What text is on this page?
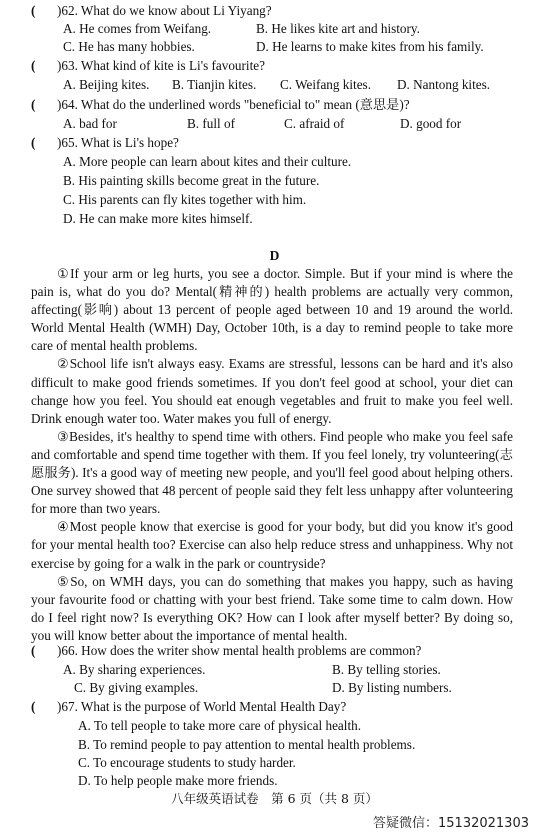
( )62. What do we know about Li Yiyang?
A. He comes from Weifang.	B. He likes kite art and history.
C. He has many hobbies.	D. He learns to make kites from his family.
( )63. What kind of kite is Li's favourite?
A. Beijing kites. B. Tianjin kites. C. Weifang kites. D. Nantong kites.
( )64. What do the underlined words "beneficial to" mean (意思是)?
A. bad for	B. full of	C. afraid of	D. good for
( )65. What is Li's hope?
A. More people can learn about kites and their culture.
B. His painting skills become great in the future.
C. His parents can fly kites together with him.
D. He can make more kites himself.
D

①If your arm or leg hurts, you see a doctor. Simple. But if your mind is where the pain is, what do you do? Mental(精神的) health problems are actually very common, affecting(影响) about 13 percent of people aged between 10 and 19 around the world. World Mental Health (WMH) Day, October 10th, is a day to remind people to take more care of mental health problems.

②School life isn't always easy. Exams are stressful, lessons can be hard and it's also difficult to make good friends sometimes. If you don't feel good at school, your diet can change how you feel. You should eat enough vegetables and fruit to make you feel well. Drink enough water too. Water makes you full of energy.

③Besides, it's healthy to spend time with others. Find people who make you feel safe and comfortable and spend time together with them. If you feel lonely, try volunteering(志愿服务). It's a good way of meeting new people, and you'll feel good about helping others. One survey showed that 48 percent of people said they felt less unhappy after volunteering for more than two years.

④Most people know that exercise is good for your body, but did you know it's good for your mental health too? Exercise can also help reduce stress and unhappiness. Why not exercise by going for a walk in the park or countryside?

⑤So, on WMH days, you can do something that makes you happy, such as having your favourite food or chatting with your best friend. Take some time to calm down. How do I feel right now? Is everything OK? How can I look after myself better? By doing so, you will know better about the importance of mental health.

( )66. How does the writer show mental health problems are common?
A. By sharing experiences.	B. By telling stories.
C. By giving examples.	D. By listing numbers.
( )67. What is the purpose of World Mental Health Day?
A. To tell people to take more care of physical health.
B. To remind people to pay attention to mental health problems.
C. To encourage students to study harder.
D. To help people make more friends.
八年级英语试卷　第 6 页（共 8 页）
答疑微信：15132021303
